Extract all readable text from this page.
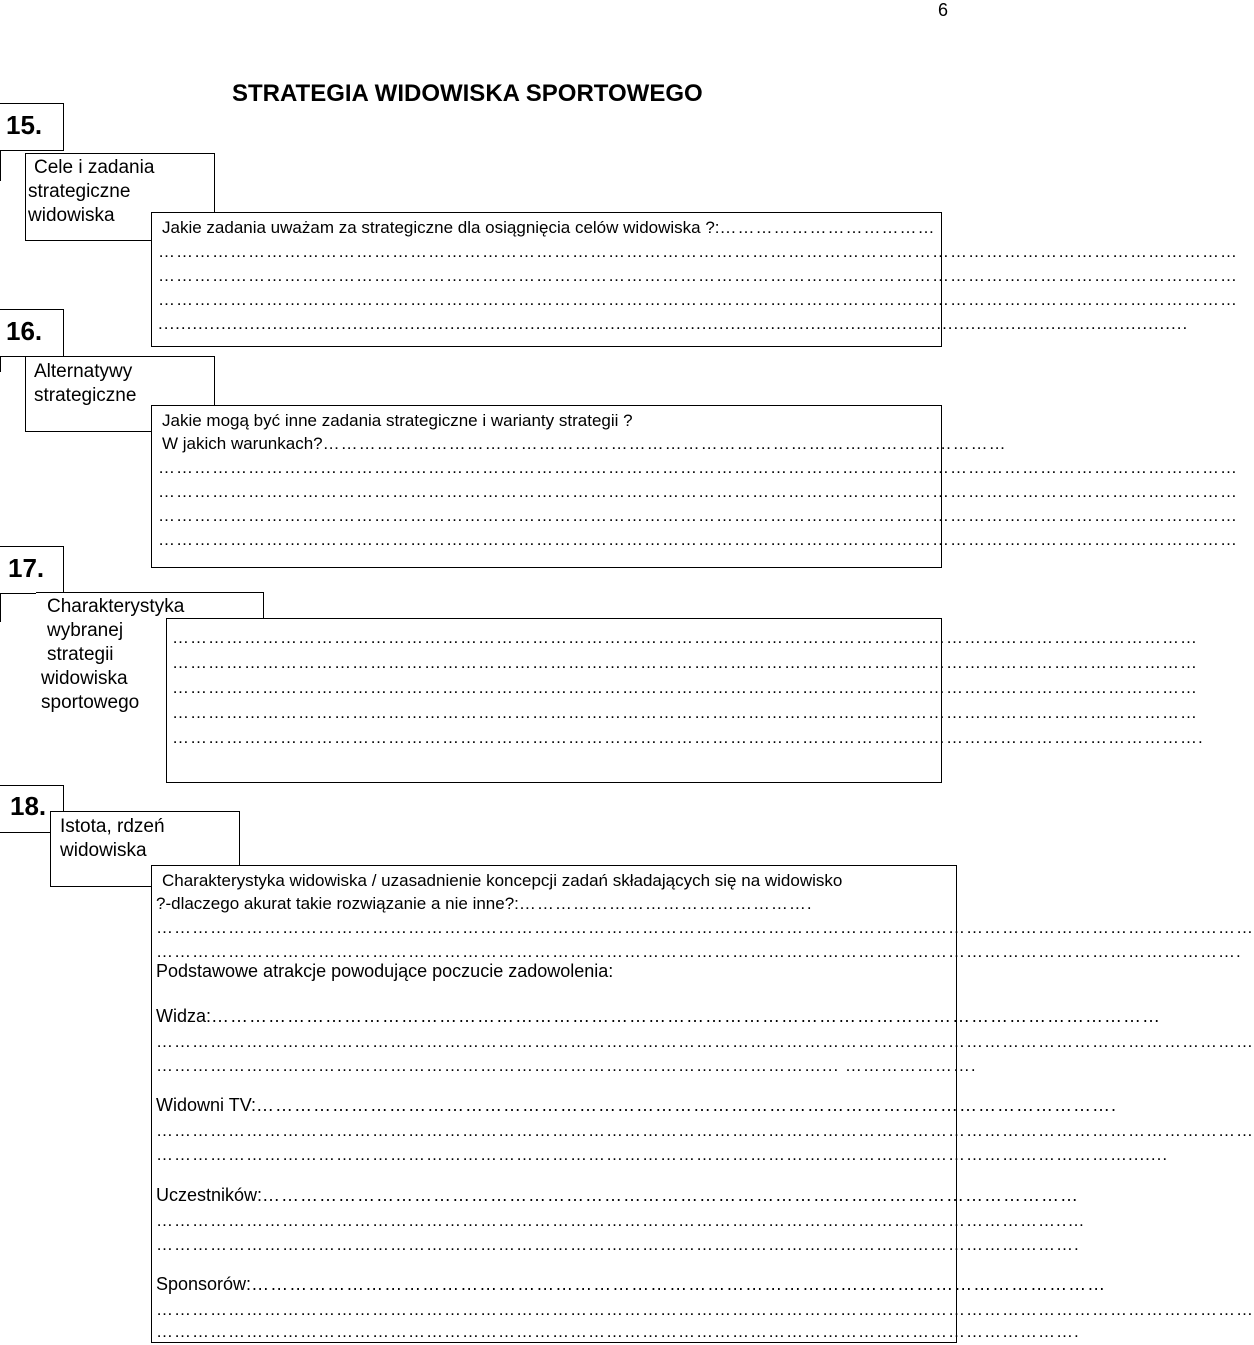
6
STRATEGIA WIDOWISKA SPORTOWEGO
15.
Cele i zadania
strategiczne
widowiska
Jakie zadania uważam za strategiczne dla osiągnięcia celów widowiska ?:………………………………
………………………………………………………………………………………………………………………………………………………………
………………………………………………………………………………………………………………………………………………………………
………………………………………………………………………………………………………………………………………………………………
....................................................................................................................................................................................
16.
Alternatywy
strategiczne
Jakie mogą być inne zadania strategiczne i warianty strategii ?
W jakich warunkach?……………………………………………………………………………………………………
………………………………………………………………………………………………………………………………………………………………
………………………………………………………………………………………………………………………………………………………………
………………………………………………………………………………………………………………………………………………………………
………………………………………………………………………………………………………………………………………………………………
17.
Charakterystyka
wybranej
strategii
widowiska
sportowego
………………………………………………………………………………………………………………………………………………………
………………………………………………………………………………………………………………………………………………………
………………………………………………………………………………………………………………………………………………………
………………………………………………………………………………………………………………………………………………………
……………………………………………………………………………………………………………………………………………………….
18.
Istota, rdzeń
widowiska
Charakterystyka widowiska / uzasadnienie koncepcji zadań składających się na widowisko
?-dlaczego akurat takie rozwiązanie a nie inne?:………………………………………….
…………………………………………………………………………………………………………………………………………………………………
……………………………………………………………………………………………………………………………………………………………….
Podstawowe atrakcje powodujące poczucie zadowolenia:
Widza:……………………………………………………………………………………………………………………………………
…………………………………………………………………………………………………………………………………………………………………
…………………………………………………………………………………………………... ………………….
Widowni TV:……………………………………………………………………………………………………………………….
…………………………………………………………………………………………………………………………………………………………………
……………………………………………………………………………………………………………………………………………….......
Uczestników:…………………………………………………………………………………………………………………
……………………………………………………………………………………………………………………………………..…
……………………………………………………………………………………………………………………………………….
Sponsorów:………………………………………………………………………………………………………………………
…………………………………………………………………………………………………………………………………………………………………
……………………………………………………………………………………………………………………………………….
